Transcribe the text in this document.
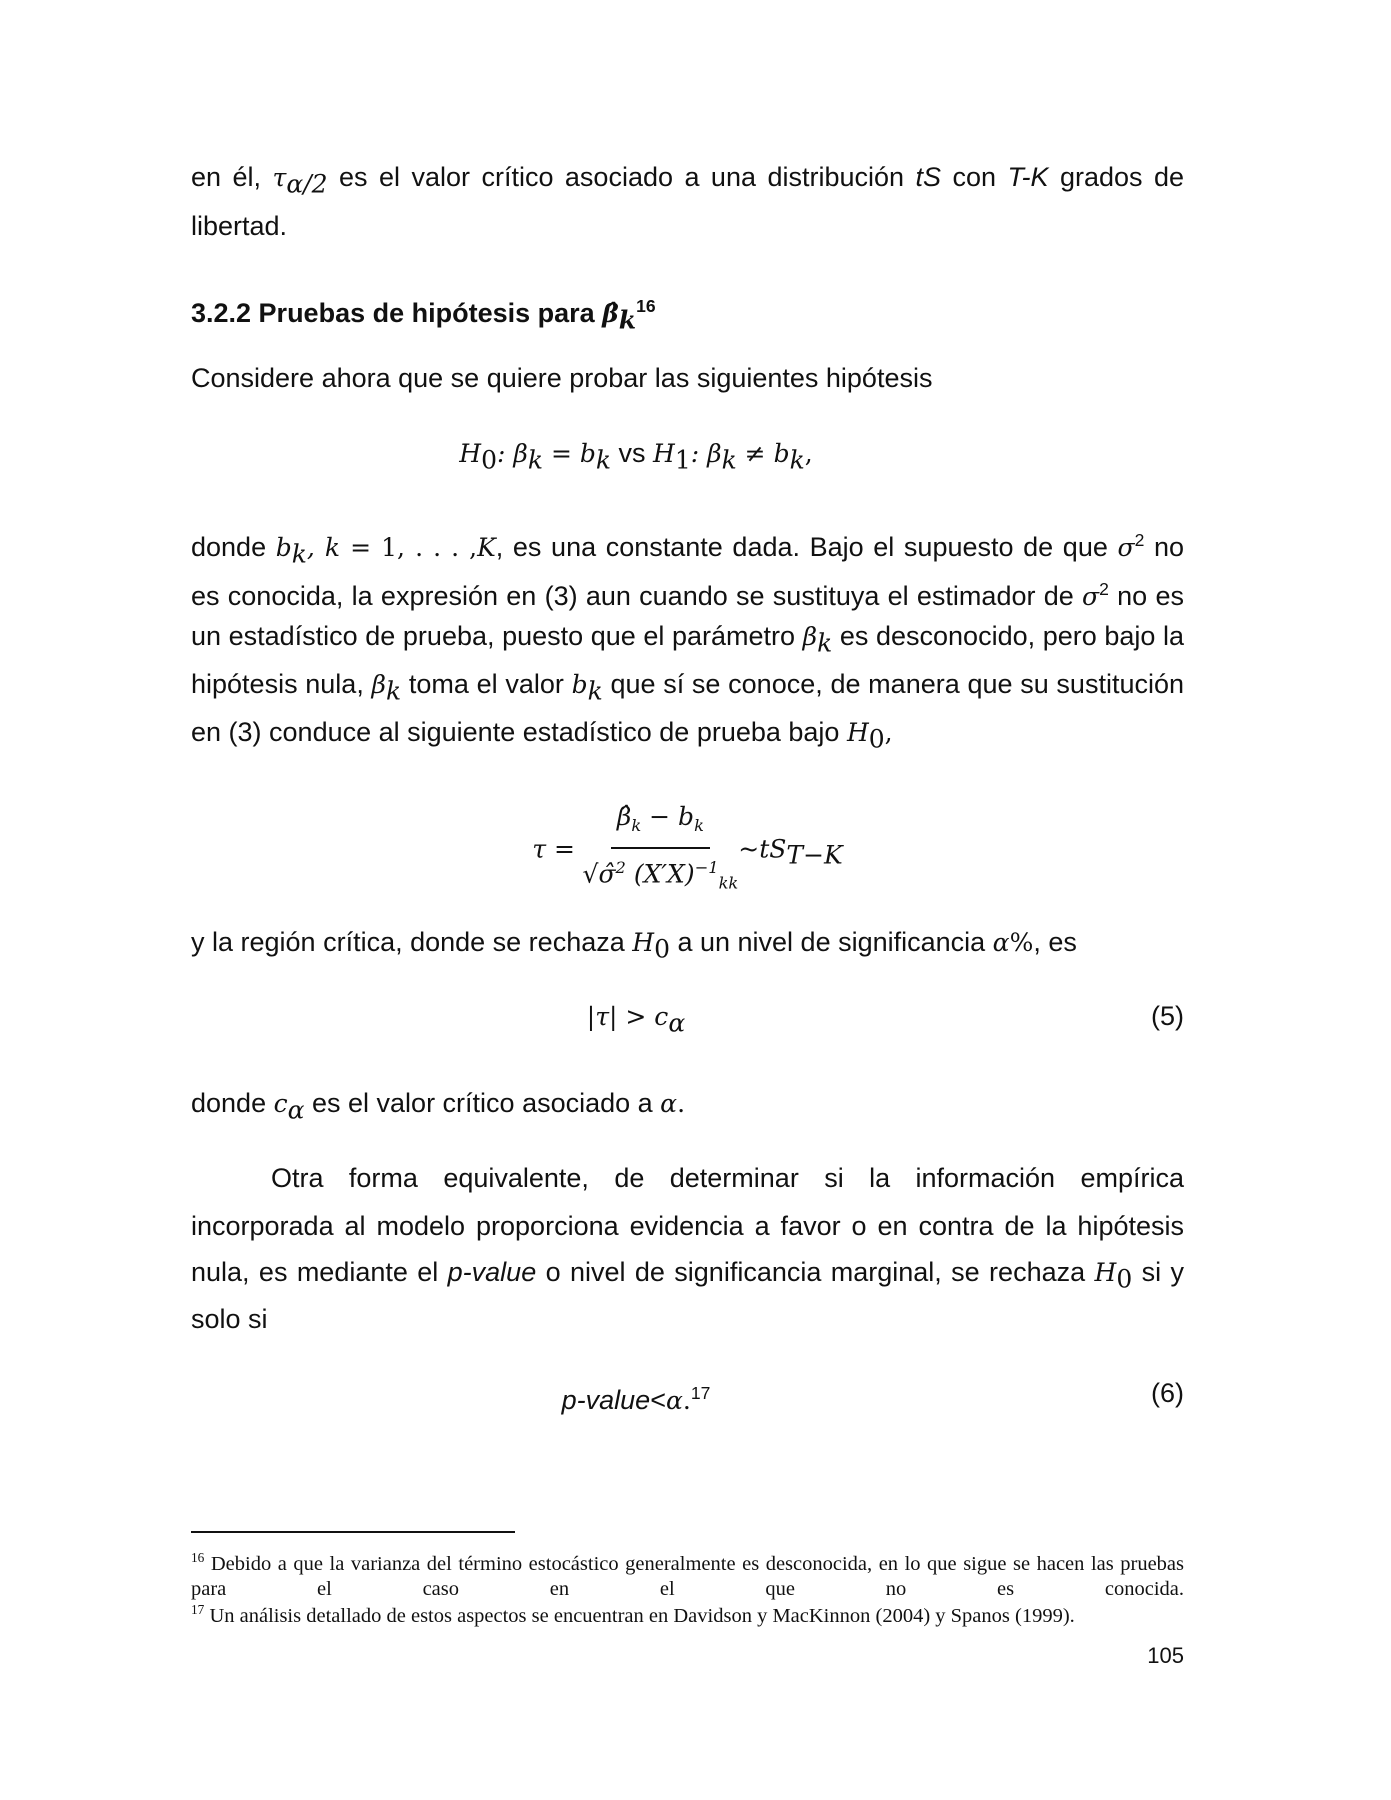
en él, $\tau_{\alpha/2}$ es el valor crítico asociado a una distribución tS con T-K grados de
libertad.
3.2.2 Pruebas de hipótesis para $\betâ_k^{16}$
Considere ahora que se quiere probar las siguientes hipótesis
$H_0$: $\beta_k = b_k$ vs $H_1$: $\beta_k \ne b_k$,
donde $b_k$, k = 1, . . . ,K, es una constante dada. Bajo el supuesto de que $\sigma^2$ no
es conocida, la expresión en (3) aun cuando se sustituya el estimador de $\sigma^2$ no es
un estadístico de prueba, puesto que el parámetro $\beta_k$ es desconocido, pero bajo la
hipótesis nula, $\beta_k$ toma el valor $b_k$ que sí se conoce, de manera que su sustitución
en (3) conduce al siguiente estadístico de prueba bajo $H_0$,
y la región crítica, donde se rechaza $H_0$ a un nivel de significancia α%, es
$|\tau| > c_\alpha$	(5)
donde $c_\alpha$ es el valor crítico asociado a α.
Otra forma equivalente, de determinar si la información empírica
incorporada al modelo proporciona evidencia a favor o en contra de la hipótesis
nula, es mediante el p-value o nivel de significancia marginal, se rechaza $H_0$ si y
solo si
p-value<α.$^{17}$	(6)
$\tau = \frac{\betâ_k - b_k}{√\sigmâ^2 (X'X)^{-1}_{kk}}$ $\sim tS_{T-K}$
$^{16}$ Debido a que la varianza del término estocástico generalmente es desconocida, en lo que sigue se hacen las pruebas para el caso en el que no es conocida.
$^{17}$ Un análisis detallado de estos aspectos se encuentran en Davidson y MacKinnon (2004) y Spanos (1999).
105
